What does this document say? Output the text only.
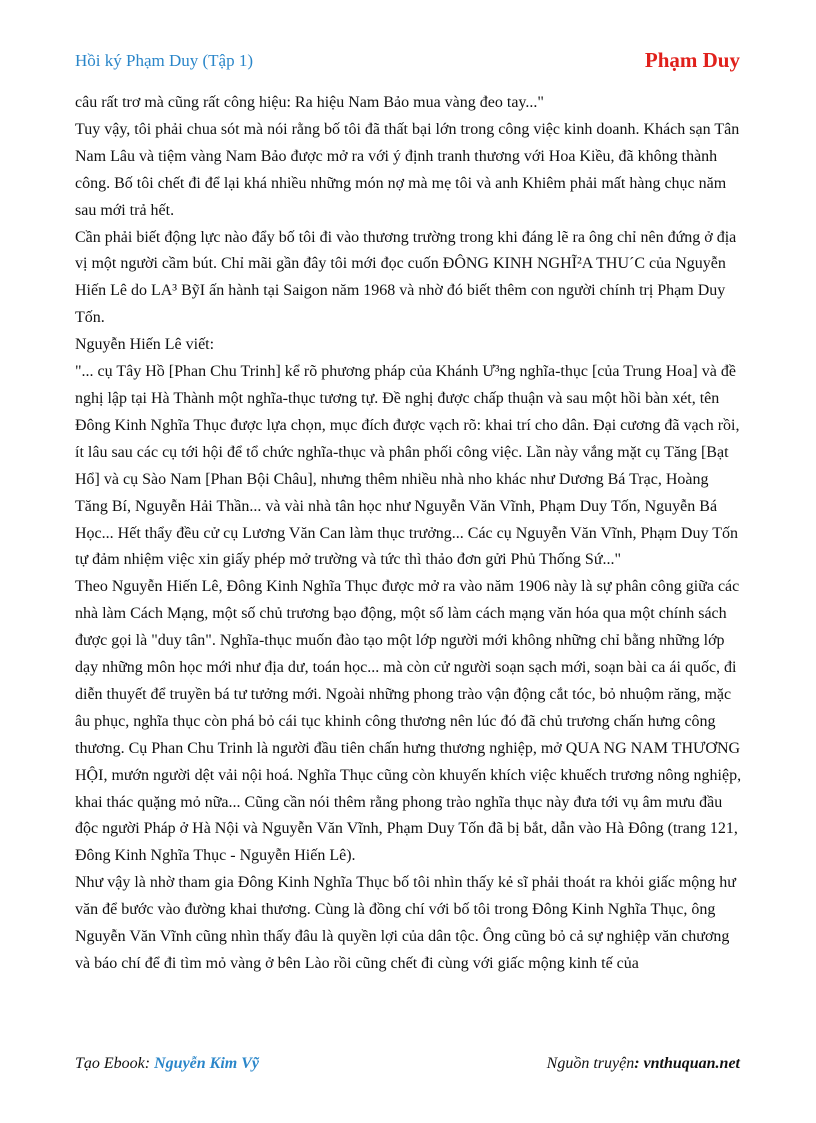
Hồi ký Phạm Duy (Tập 1)	Phạm Duy

câu rất trơ mà cũng rất công hiệu: Ra hiệu Nam Bảo mua vàng đeo tay..."

Tuy vậy, tôi phải chua sót mà nói rằng bố tôi đã thất bại lớn trong công việc kinh doanh. Khách sạn Tân Nam Lâu và tiệm vàng Nam Bảo được mở ra với ý định tranh thương với Hoa Kiều, đã không thành công. Bố tôi chết đi để lại khá nhiều những món nợ mà mẹ tôi và anh Khiêm phải mất hàng chục năm sau mới trả hết.

Cần phải biết động lực nào đẩy bố tôi đi vào thương trường trong khi đáng lẽ ra ông chỉ nên đứng ở địa vị một người cầm bút. Chỉ mãi gần đây tôi mới đọc cuốn ĐÔNG KINH NGHĨ²A THU´C của Nguyễn Hiến Lê do LA³ BỹI ấn hành tại Saigon năm 1968 và nhờ đó biết thêm con người chính trị Phạm Duy Tốn.

Nguyễn Hiến Lê viết:

"... cụ Tây Hồ [Phan Chu Trinh] kể rõ phương pháp của Khánh Ư³ng nghĩa-thục [của Trung Hoa] và đề nghị lập tại Hà Thành một nghĩa-thục tương tự. Đề nghị được chấp thuận và sau một hồi bàn xét, tên Đông Kinh Nghĩa Thục được lựa chọn, mục đích được vạch rõ: khai trí cho dân. Đại cương đã vạch rồi, ít lâu sau các cụ tới hội để tổ chức nghĩa-thục và phân phối công việc. Lần này vắng mặt cụ Tăng [Bạt Hổ] và cụ Sào Nam [Phan Bội Châu], nhưng thêm nhiều nhà nho khác như Dương Bá Trạc, Hoàng Tăng Bí, Nguyễn Hải Thần... và vài nhà tân học như Nguyễn Văn Vĩnh, Phạm Duy Tốn, Nguyễn Bá Học... Hết thẩy đều cử cụ Lương Văn Can làm thục trưởng... Các cụ Nguyễn Văn Vĩnh, Phạm Duy Tốn tự đảm nhiệm việc xin giấy phép mở trường và tức thì thảo đơn gửi Phủ Thống Sứ..."

Theo Nguyễn Hiến Lê, Đông Kinh Nghĩa Thục được mở ra vào năm 1906 này là sự phân công giữa các nhà làm Cách Mạng, một số chủ trương bạo động, một số làm cách mạng văn hóa qua một chính sách được gọi là "duy tân". Nghĩa-thục muốn đào tạo một lớp người mới không những chỉ bằng những lớp dạy những môn học mới như địa dư, toán học... mà còn cử người soạn sạch mới, soạn bài ca ái quốc, đi diễn thuyết để truyền bá tư tưởng mới. Ngoài những phong trào vận động cắt tóc, bỏ nhuộm răng, mặc âu phục, nghĩa thục còn phá bỏ cái tục khinh công thương nên lúc đó đã chủ trương chấn hưng công thương. Cụ Phan Chu Trinh là người đầu tiên chấn hưng thương nghiệp, mở QUA NG NAM THƯƠNG HỘI, mướn người dệt vải nội hoá. Nghĩa Thục cũng còn khuyến khích việc khuếch trương nông nghiệp, khai thác quặng mỏ nữa... Cũng cần nói thêm rằng phong trào nghĩa thục này đưa tới vụ âm mưu đầu độc người Pháp ở Hà Nội và Nguyễn Văn Vĩnh, Phạm Duy Tốn đã bị bắt, dẫn vào Hà Đông (trang 121, Đông Kinh Nghĩa Thục - Nguyễn Hiến Lê).

Như vậy là nhờ tham gia Đông Kinh Nghĩa Thục bố tôi nhìn thấy kẻ sĩ phải thoát ra khỏi giấc mộng hư văn để bước vào đường khai thương. Cùng là đồng chí với bố tôi trong Đông Kinh Nghĩa Thục, ông Nguyễn Văn Vĩnh cũng nhìn thấy đâu là quyền lợi của dân tộc. Ông cũng bỏ cả sự nghiệp văn chương và báo chí để đi tìm mỏ vàng ở bên Lào rồi cũng chết đi cùng với giấc mộng kinh tế của

Tạo Ebook: Nguyễn Kim Vỹ	Nguồn truyện: vnthuquan.net
